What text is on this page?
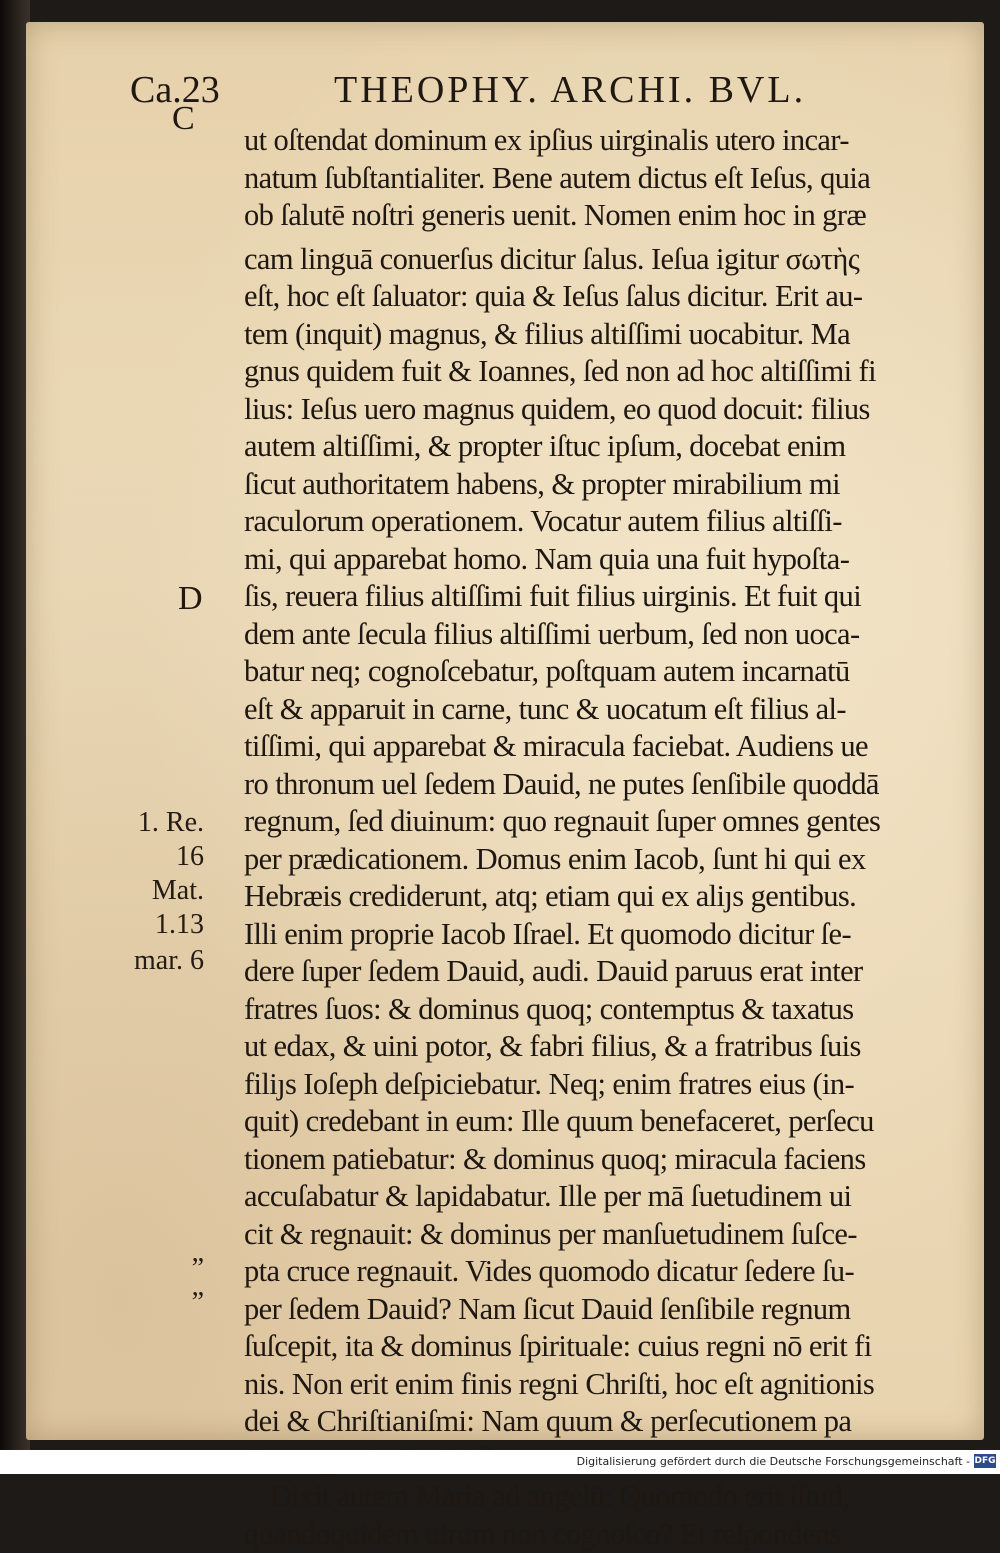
Ca.23	THEOPHY. ARCHI. BVL.
C
D
1. Re.
16
Mat.
1.13
mar. 6
”
”
ut oſtendat dominum ex ipſius uirginalis utero incar-
natum ſubſtantialiter. Bene autem dictus eſt Ieſus, quia
ob ſalutē noſtri generis uenit. Nomen enim hoc in græ
cam linguā conuerſus dicitur ſalus. Ieſua igitur σωτὴς
eſt, hoc eſt ſaluator: quia & Ieſus ſalus dicitur. Erit au-
tem (inquit) magnus, & filius altiſſimi uocabitur. Ma
gnus quidem fuit & Ioannes, ſed non ad hoc altiſſimi fi
lius: Ieſus uero magnus quidem, eo quod docuit: filius
autem altiſſimi, & propter iſtuc ipſum, docebat enim
ſicut authoritatem habens, & propter mirabilium mi
raculorum operationem. Vocatur autem filius altiſſi-
mi, qui apparebat homo. Nam quia una fuit hypoſta-
ſis, reuera filius altiſſimi fuit filius uirginis. Et fuit qui
dem ante ſecula filius altiſſimi uerbum, ſed non uoca-
batur neq; cognoſcebatur, poſtquam autem incarnatū
eſt & apparuit in carne, tunc & uocatum eſt filius al-
tiſſimi, qui apparebat & miracula faciebat. Audiens ue
ro thronum uel ſedem Dauid, ne putes ſenſibile quoddā
regnum, ſed diuinum: quo regnauit ſuper omnes gentes
per prædicationem. Domus enim Iacob, ſunt hi qui ex
Hebræis crediderunt, atq; etiam qui ex aliȷs gentibus.
Illi enim proprie Iacob Iſrael. Et quomodo dicitur ſe-
dere ſuper ſedem Dauid, audi. Dauid paruus erat inter
fratres ſuos: & dominus quoq; contemptus & taxatus
ut edax, & uini potor, & fabri filius, & a fratribus ſuis
filiȷs Ioſeph deſpiciebatur. Neq; enim fratres eius (in-
quit) credebant in eum: Ille quum benefaceret, perſecu
tionem patiebatur: & dominus quoq; miracula faciens
accuſabatur & lapidabatur. Ille per mā ſuetudinem ui
cit & regnauit: & dominus per manſuetudinem ſuſce-
pta cruce regnauit. Vides quomodo dicatur ſedere ſu-
per ſedem Dauid? Nam ſicut Dauid ſenſibile regnum
ſuſcepit, ita & dominus ſpirituale: cuius regni nō erit fi
nis. Non erit enim finis regni Chriſti, hoc eſt agnitionis
dei & Chriſtianiſmi: Nam quum & perſecutionem pa
Dixit autem Maria ad angelū: Quomodo erit iſtud,
quandoquidem uirum non cognoſco? Et reſpondens
Digitalisierung gefördert durch die Deutsche Forschungsgemeinschaft - DFG
